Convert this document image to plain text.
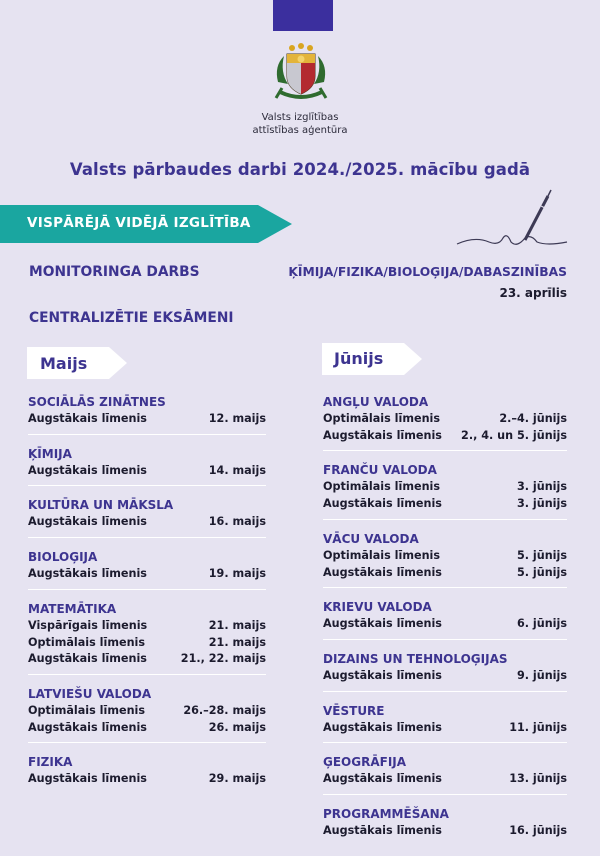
Valsts izglītības
attīstības aģentūra
Valsts pārbaudes darbi 2024./2025. mācību gadā
VISPĀRĒJĀ VIDĒJĀ IZGLĪTĪBA
MONITORINGA DARBS	ĶĪMIJA/FIZIKA/BIOLOĢIJA/DABASZINĪBAS
23. aprīlis
CENTRALIZĒTIE EKSĀMENI
Maijs	Jūnijs
SOCIĀLĀS ZINĀTNES
Augstākais līmenis	12. maijs
ĶĪMIJA
Augstākais līmenis	14. maijs
KULTŪRA UN MĀKSLA
Augstākais līmenis	16. maijs
BIOLOĢIJA
Augstākais līmenis	19. maijs
MATEMĀTIKA
Vispārīgais līmenis	21. maijs
Optimālais līmenis	21. maijs
Augstākais līmenis	21., 22. maijs
LATVIEŠU VALODA
Optimālais līmenis	26.–28. maijs
Augstākais līmenis	26. maijs
FIZIKA
Augstākais līmenis	29. maijs
ANGĻU VALODA
Optimālais līmenis	2.–4. jūnijs
Augstākais līmenis 2., 4. un 5. jūnijs
FRANČU VALODA
Optimālais līmenis	3. jūnijs
Augstākais līmenis	3. jūnijs
VĀCU VALODA
Optimālais līmenis	5. jūnijs
Augstākais līmenis	5. jūnijs
KRIEVU VALODA
Augstākais līmenis	6. jūnijs
DIZAINS UN TEHNOLOĢIJAS
Augstākais līmenis	9. jūnijs
VĒSTURE
Augstākais līmenis	11. jūnijs
ĢEOGRĀFIJA
Augstākais līmenis	13. jūnijs
PROGRAMMĒŠANA
Augstākais līmenis	16. jūnijs
